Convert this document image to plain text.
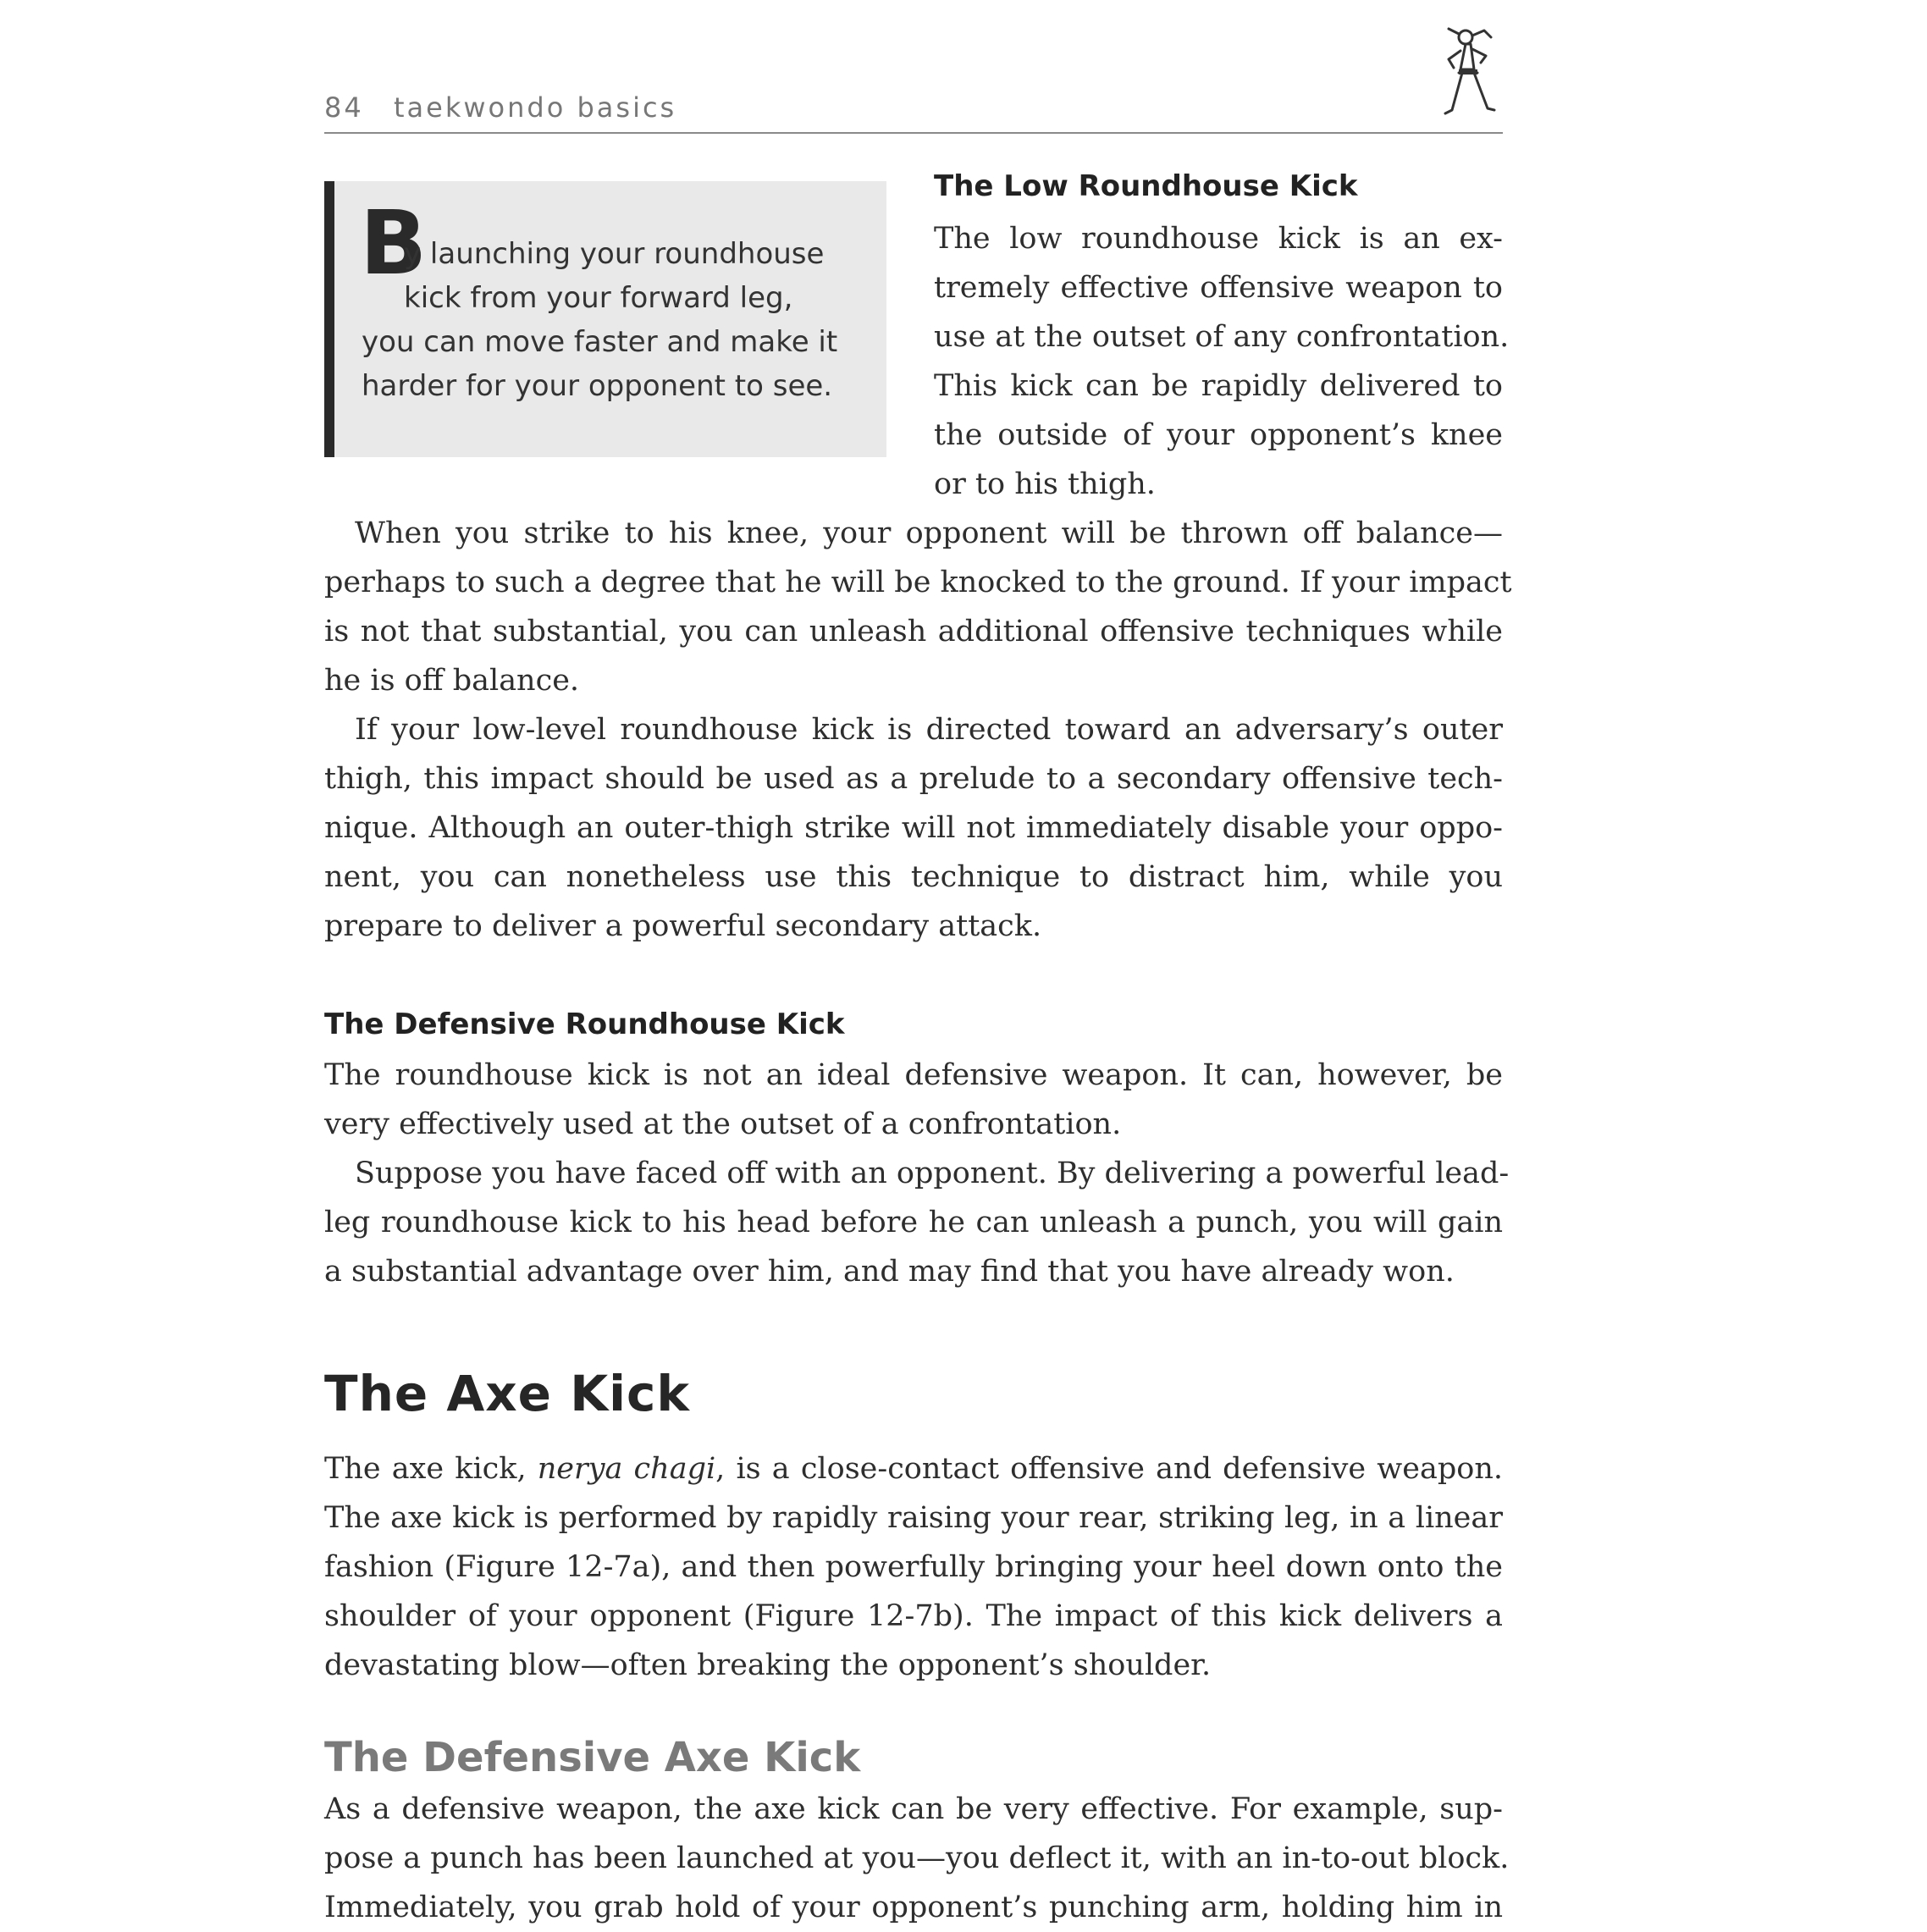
84 taekwondo basics
B
y launching your roundhouse
kick from your forward leg,
you can move faster and make it
harder for your opponent to see.
The Low Roundhouse Kick
The low roundhouse kick is an ex-
tremely effective offensive weapon to
use at the outset of any confrontation.
This kick can be rapidly delivered to
the outside of your opponent’s knee
or to his thigh.
When you strike to his knee, your opponent will be thrown off balance—
perhaps to such a degree that he will be knocked to the ground. If your impact
is not that substantial, you can unleash additional offensive techniques while
he is off balance.
If your low-level roundhouse kick is directed toward an adversary’s outer
thigh, this impact should be used as a prelude to a secondary offensive tech-
nique. Although an outer-thigh strike will not immediately disable your oppo-
nent, you can nonetheless use this technique to distract him, while you
prepare to deliver a powerful secondary attack.
The Defensive Roundhouse Kick
The roundhouse kick is not an ideal defensive weapon. It can, however, be
very effectively used at the outset of a confrontation.
Suppose you have faced off with an opponent. By delivering a powerful lead-
leg roundhouse kick to his head before he can unleash a punch, you will gain
a substantial advantage over him, and may find that you have already won.
The Axe Kick
The axe kick, nerya chagi, is a close-contact offensive and defensive weapon.
The axe kick is performed by rapidly raising your rear, striking leg, in a linear
fashion (Figure 12-7a), and then powerfully bringing your heel down onto the
shoulder of your opponent (Figure 12-7b). The impact of this kick delivers a
devastating blow—often breaking the opponent’s shoulder.
The Defensive Axe Kick
As a defensive weapon, the axe kick can be very effective. For example, sup-
pose a punch has been launched at you—you deflect it, with an in-to-out block.
Immediately, you grab hold of your opponent’s punching arm, holding him in
